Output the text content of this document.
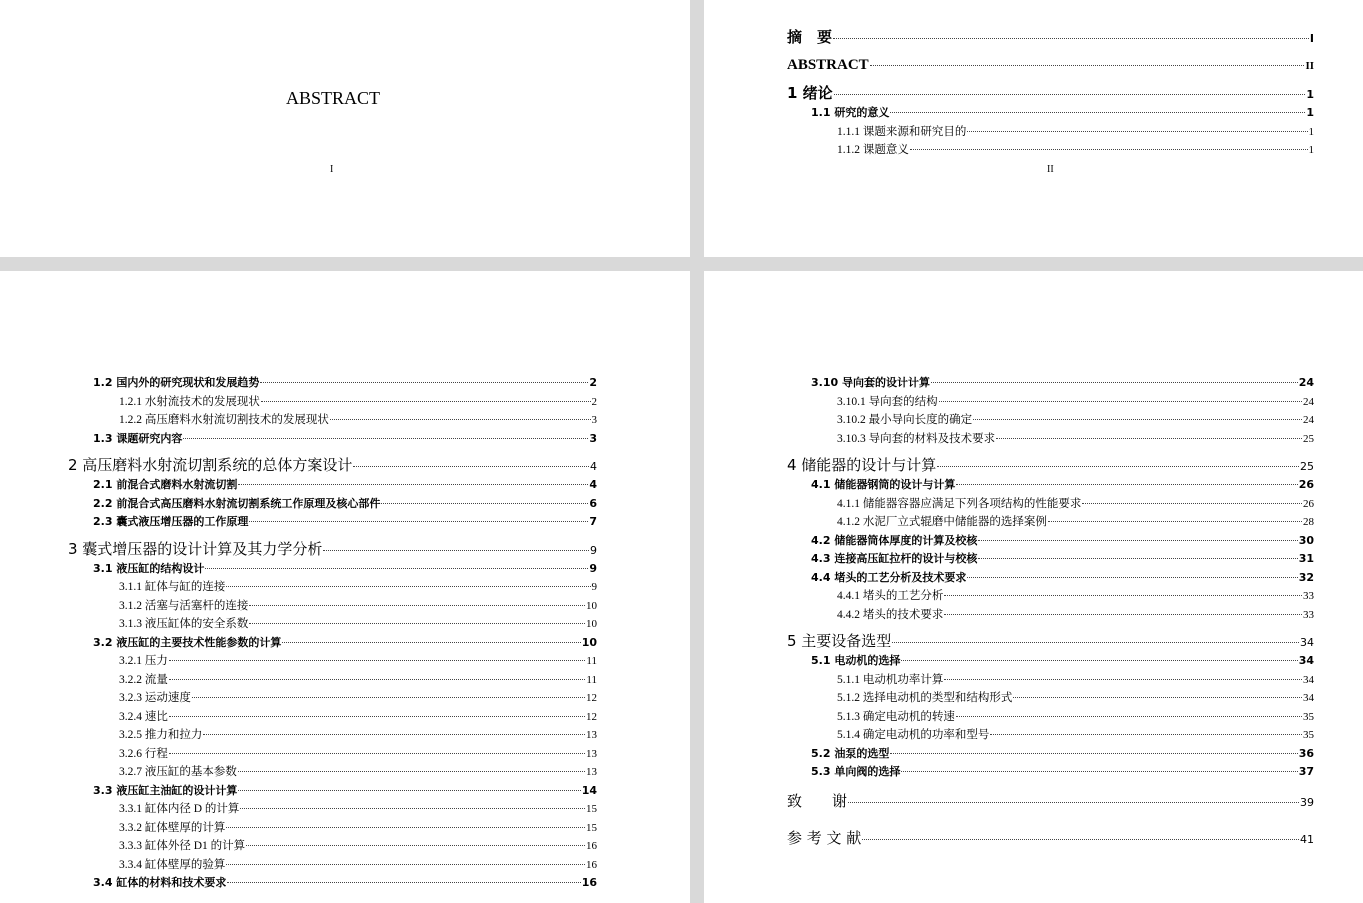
ABSTRACT
I
摘　要	I
ABSTRACT	II
1 绪论	1
1.1 研究的意义	1
1.1.1 课题来源和研究目的	1
1.1.2 课题意义	1
II
1.2 国内外的研究现状和发展趋势	2
1.2.1 水射流技术的发展现状	2
1.2.2 高压磨料水射流切割技术的发展现状	3
1.3 课题研究内容	3
2 高压磨料水射流切割系统的总体方案设计	4
2.1 前混合式磨料水射流切割	4
2.2 前混合式高压磨料水射流切割系统工作原理及核心部件	6
2.3 囊式液压增压器的工作原理	7
3 囊式增压器的设计计算及其力学分析	9
3.1 液压缸的结构设计	9
3.1.1 缸体与缸的连接	9
3.1.2 活塞与活塞杆的连接	10
3.1.3 液压缸体的安全系数	10
3.2 液压缸的主要技术性能参数的计算	10
3.2.1 压力	11
3.2.2 流量	11
3.2.3 运动速度	12
3.2.4 速比	12
3.2.5 推力和拉力	13
3.2.6 行程	13
3.2.7 液压缸的基本参数	13
3.3 液压缸主油缸的设计计算	14
3.3.1 缸体内径 D 的计算	15
3.3.2 缸体壁厚的计算	15
3.3.3 缸体外径 D1 的计算	16
3.3.4 缸体壁厚的验算	16
3.4 缸体的材料和技术要求	16
3.10 导向套的设计计算	24
3.10.1 导向套的结构	24
3.10.2 最小导向长度的确定	24
3.10.3 导向套的材料及技术要求	25
4 储能器的设计与计算	25
4.1 储能器钢筒的设计与计算	26
4.1.1 储能器容器应满足下列各项结构的性能要求	26
4.1.2 水泥厂立式辊磨中储能器的选择案例	28
4.2 储能器筒体厚度的计算及校核	30
4.3 连接高压缸拉杆的设计与校核	31
4.4 堵头的工艺分析及技术要求	32
4.4.1 堵头的工艺分析	33
4.4.2 堵头的技术要求	33
5 主要设备选型	34
5.1 电动机的选择	34
5.1.1 电动机功率计算	34
5.1.2 选择电动机的类型和结构形式	34
5.1.3 确定电动机的转速	35
5.1.4 确定电动机的功率和型号	35
5.2 油泵的选型	36
5.3 单向阀的选择	37
致　　谢	39
参 考 文 献	41
